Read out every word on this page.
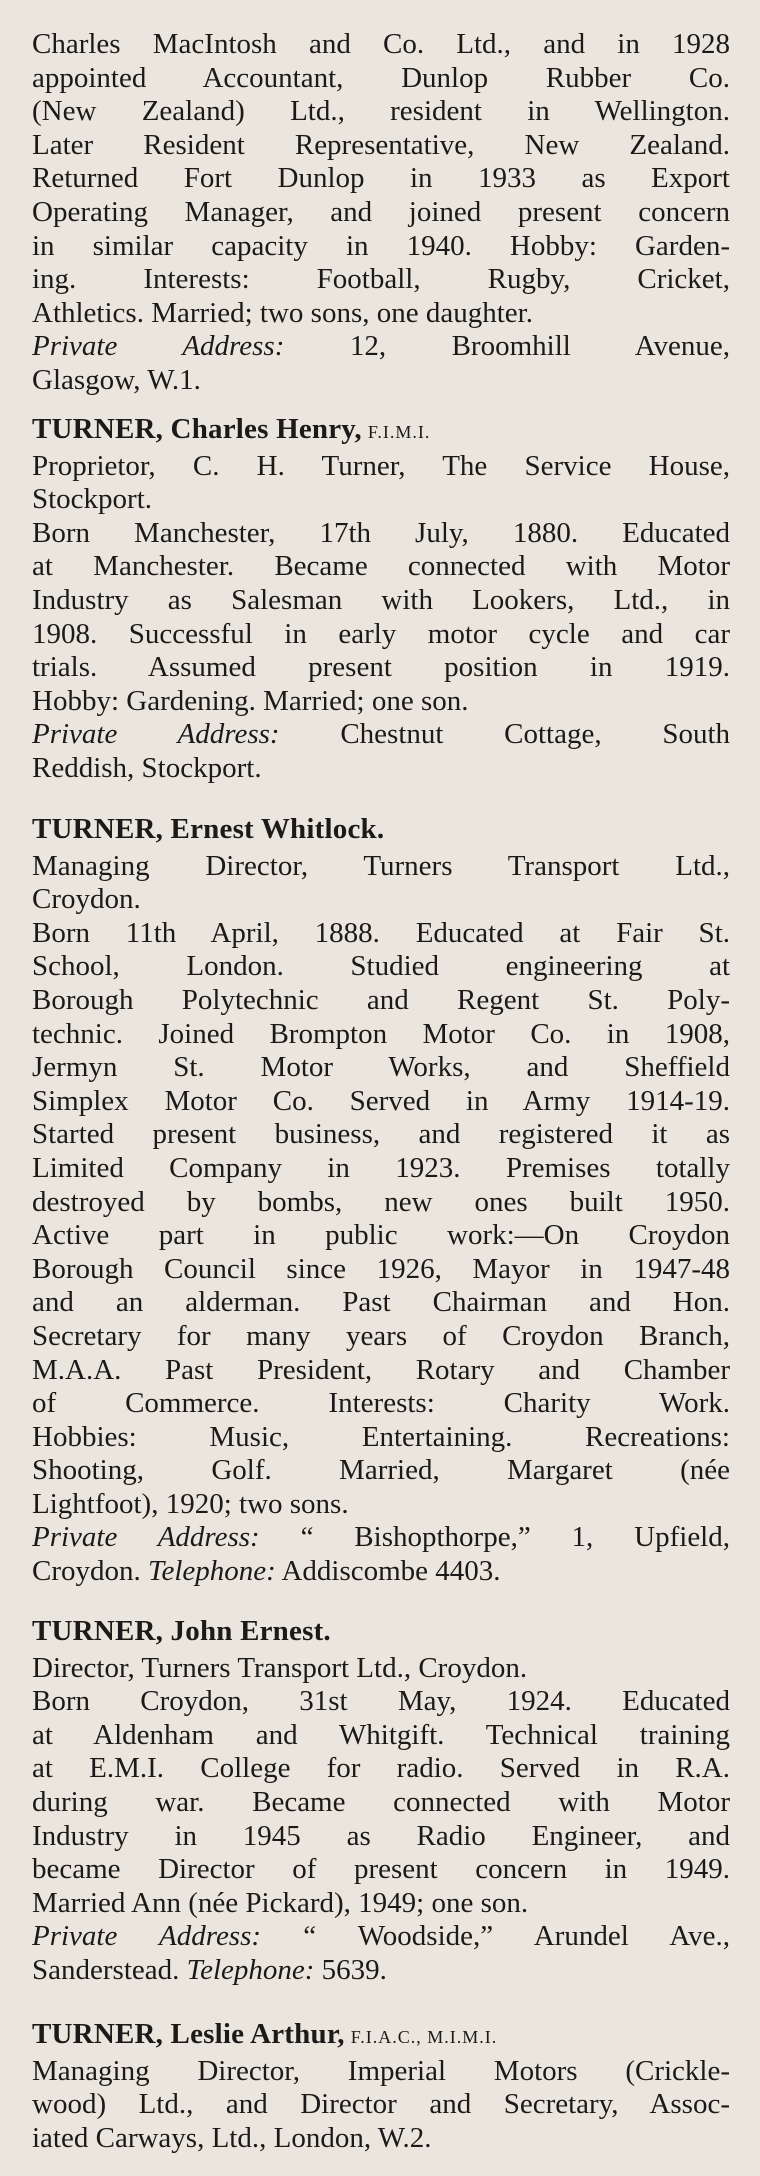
Charles MacIntosh and Co. Ltd., and in 1928
appointed Accountant, Dunlop Rubber Co.
(New Zealand) Ltd., resident in Wellington.
Later Resident Representative, New Zealand.
Returned Fort Dunlop in 1933 as Export
Operating Manager, and joined present concern
in similar capacity in 1940. Hobby: Garden-
ing. Interests: Football, Rugby, Cricket,
Athletics. Married; two sons, one daughter.
Private Address: 12, Broomhill Avenue,
Glasgow, W.1.
TURNER, Charles Henry, F.I.M.I.
Proprietor, C. H. Turner, The Service House,
Stockport.
Born Manchester, 17th July, 1880. Educated
at Manchester. Became connected with Motor
Industry as Salesman with Lookers, Ltd., in
1908. Successful in early motor cycle and car
trials. Assumed present position in 1919.
Hobby: Gardening. Married; one son.
Private Address: Chestnut Cottage, South
Reddish, Stockport.
TURNER, Ernest Whitlock.
Managing Director, Turners Transport Ltd.,
Croydon.
Born 11th April, 1888. Educated at Fair St.
School, London. Studied engineering at
Borough Polytechnic and Regent St. Poly-
technic. Joined Brompton Motor Co. in 1908,
Jermyn St. Motor Works, and Sheffield
Simplex Motor Co. Served in Army 1914-19.
Started present business, and registered it as
Limited Company in 1923. Premises totally
destroyed by bombs, new ones built 1950.
Active part in public work:—On Croydon
Borough Council since 1926, Mayor in 1947-48
and an alderman. Past Chairman and Hon.
Secretary for many years of Croydon Branch,
M.A.A. Past President, Rotary and Chamber
of Commerce. Interests: Charity Work.
Hobbies: Music, Entertaining. Recreations:
Shooting, Golf. Married, Margaret (née
Lightfoot), 1920; two sons.
Private Address: “ Bishopthorpe,” 1, Upfield,
Croydon. Telephone: Addiscombe 4403.
TURNER, John Ernest.
Director, Turners Transport Ltd., Croydon.
Born Croydon, 31st May, 1924. Educated
at Aldenham and Whitgift. Technical training
at E.M.I. College for radio. Served in R.A.
during war. Became connected with Motor
Industry in 1945 as Radio Engineer, and
became Director of present concern in 1949.
Married Ann (née Pickard), 1949; one son.
Private Address: “ Woodside,” Arundel Ave.,
Sanderstead. Telephone: 5639.
TURNER, Leslie Arthur, F.I.A.C., M.I.M.I.
Managing Director, Imperial Motors (Crickle-
wood) Ltd., and Director and Secretary, Assoc-
iated Carways, Ltd., London, W.2.
